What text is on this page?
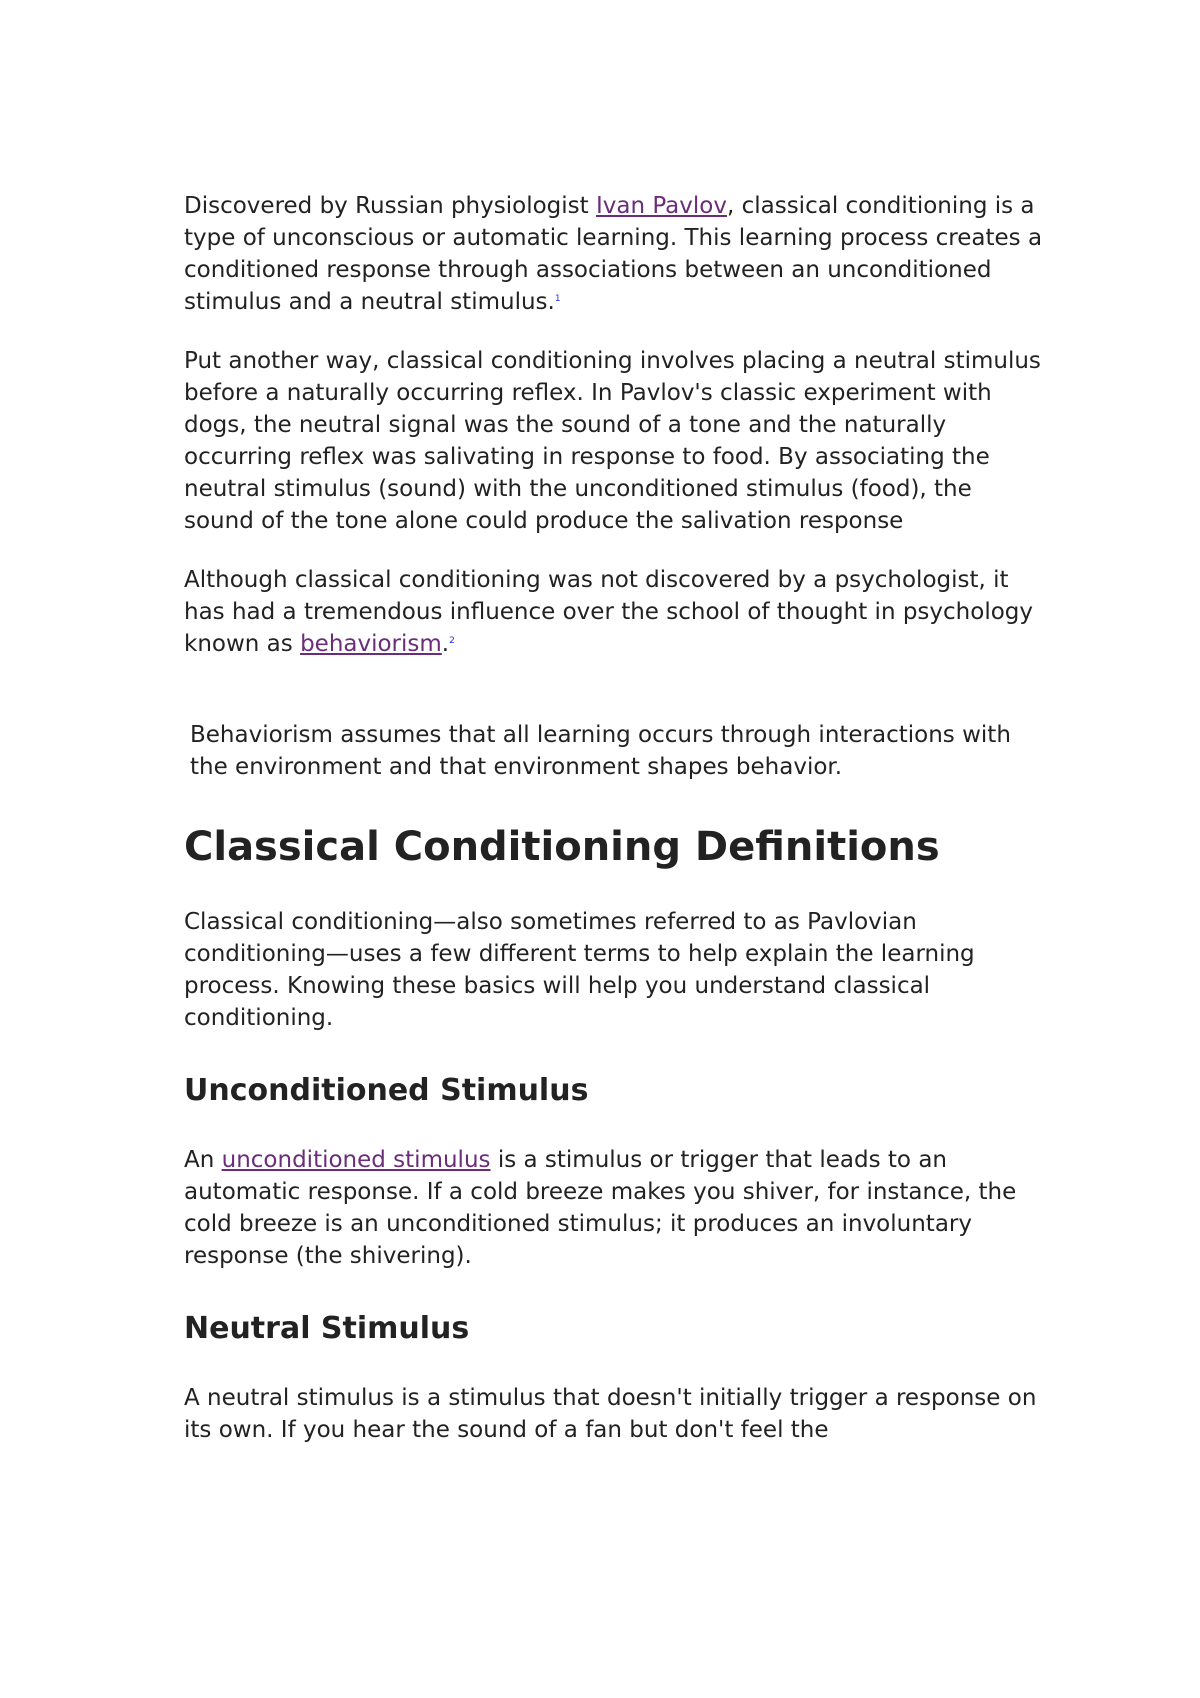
Discovered by Russian physiologist Ivan Pavlov, classical conditioning is a type of unconscious or automatic learning. This learning process creates a conditioned response through associations between an unconditioned stimulus and a neutral stimulus.$^1$

Put another way, classical conditioning involves placing a neutral stimulus before a naturally occurring reflex. In Pavlov's classic experiment with dogs, the neutral signal was the sound of a tone and the naturally occurring reflex was salivating in response to food. By associating the neutral stimulus (sound) with the unconditioned stimulus (food), the sound of the tone alone could produce the salivation response

Although classical conditioning was not discovered by a psychologist, it has had a tremendous influence over the school of thought in psychology known as behaviorism.$^2$

Behaviorism assumes that all learning occurs through interactions with the environment and that environment shapes behavior.

Classical Conditioning Definitions

Classical conditioning—also sometimes referred to as Pavlovian conditioning—uses a few different terms to help explain the learning process. Knowing these basics will help you understand classical conditioning.

Unconditioned Stimulus

An unconditioned stimulus is a stimulus or trigger that leads to an automatic response. If a cold breeze makes you shiver, for instance, the cold breeze is an unconditioned stimulus; it produces an involuntary response (the shivering).

Neutral Stimulus

A neutral stimulus is a stimulus that doesn't initially trigger a response on its own. If you hear the sound of a fan but don't feel the
